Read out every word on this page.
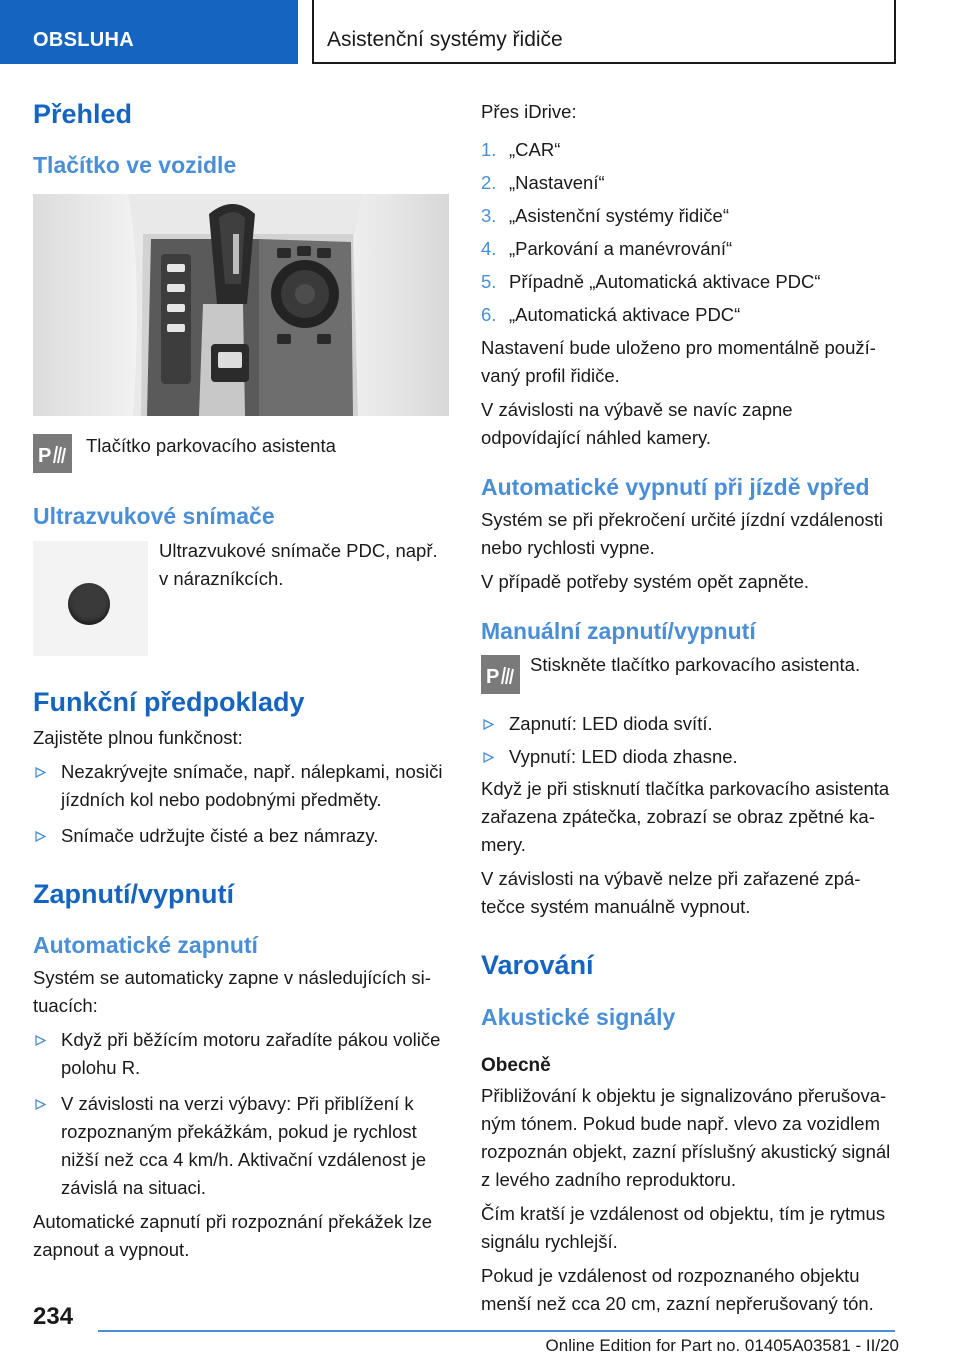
OBSLUHA	Asistenční systémy řidiče
Přehled
Tlačítko ve vozidle
P Tlačítko parkovacího asistenta

Ultrazvukové snímače

Ultrazvukové snímače PDC, např. v nárazníkcích.

Funkční předpoklady

Zajistěte plnou funkčnost:

Nezakrývejte snímače, např. nálepkami, nosiči jízdních kol nebo podobnými předměty.
Snímače udržujte čisté a bez námrazy.
Zapnutí/vypnutí
Automatické zapnutí

Systém se automaticky zapne v následujících situacích:

Když při běžícím motoru zařadíte pákou voliče polohu R.
V závislosti na verzi výbavy: Při přiblížení k rozpoznaným překážkám, pokud je rychlost nižší než cca 4 km/h. Aktivační vzdálenost je závislá na situaci.

Automatické zapnutí při rozpoznání překážek lze zapnout a vypnout.

Přes iDrive:

1. „CAR“
2. „Nastavení“
3. „Asistenční systémy řidiče“
4. „Parkování a manévrování“
5. Případně „Automatická aktivace PDC“
6. „Automatická aktivace PDC“

Nastavení bude uloženo pro momentálně používaný profil řidiče.

V závislosti na výbavě se navíc zapne odpovídající náhled kamery.

Automatické vypnutí při jízdě vpřed

Systém se při překročení určité jízdní vzdálenosti nebo rychlosti vypne.

V případě potřeby systém opět zapněte.

Manuální zapnutí/vypnutí
P

Stiskněte tlačítko parkovacího asistenta.

Zapnutí: LED dioda svítí.
Vypnutí: LED dioda zhasne.

Když je při stisknutí tlačítka parkovacího asistenta zařazena zpátečka, zobrazí se obraz zpětné kamery.

V závislosti na výbavě nelze při zařazené zpátečce systém manuálně vypnout.

Varování
Akustické signály
Obecně

Přibližování k objektu je signalizováno přerušovaným tónem. Pokud bude např. vlevo za vozidlem rozpoznán objekt, zazní příslušný akustický signál z levého zadního reproduktoru.

Čím kratší je vzdálenost od objektu, tím je rytmus signálu rychlejší.

Pokud je vzdálenost od rozpoznaného objektu menší než cca 20 cm, zazní nepřerušovaný tón.

234
Online Edition for Part no. 01405A03581 - II/20
